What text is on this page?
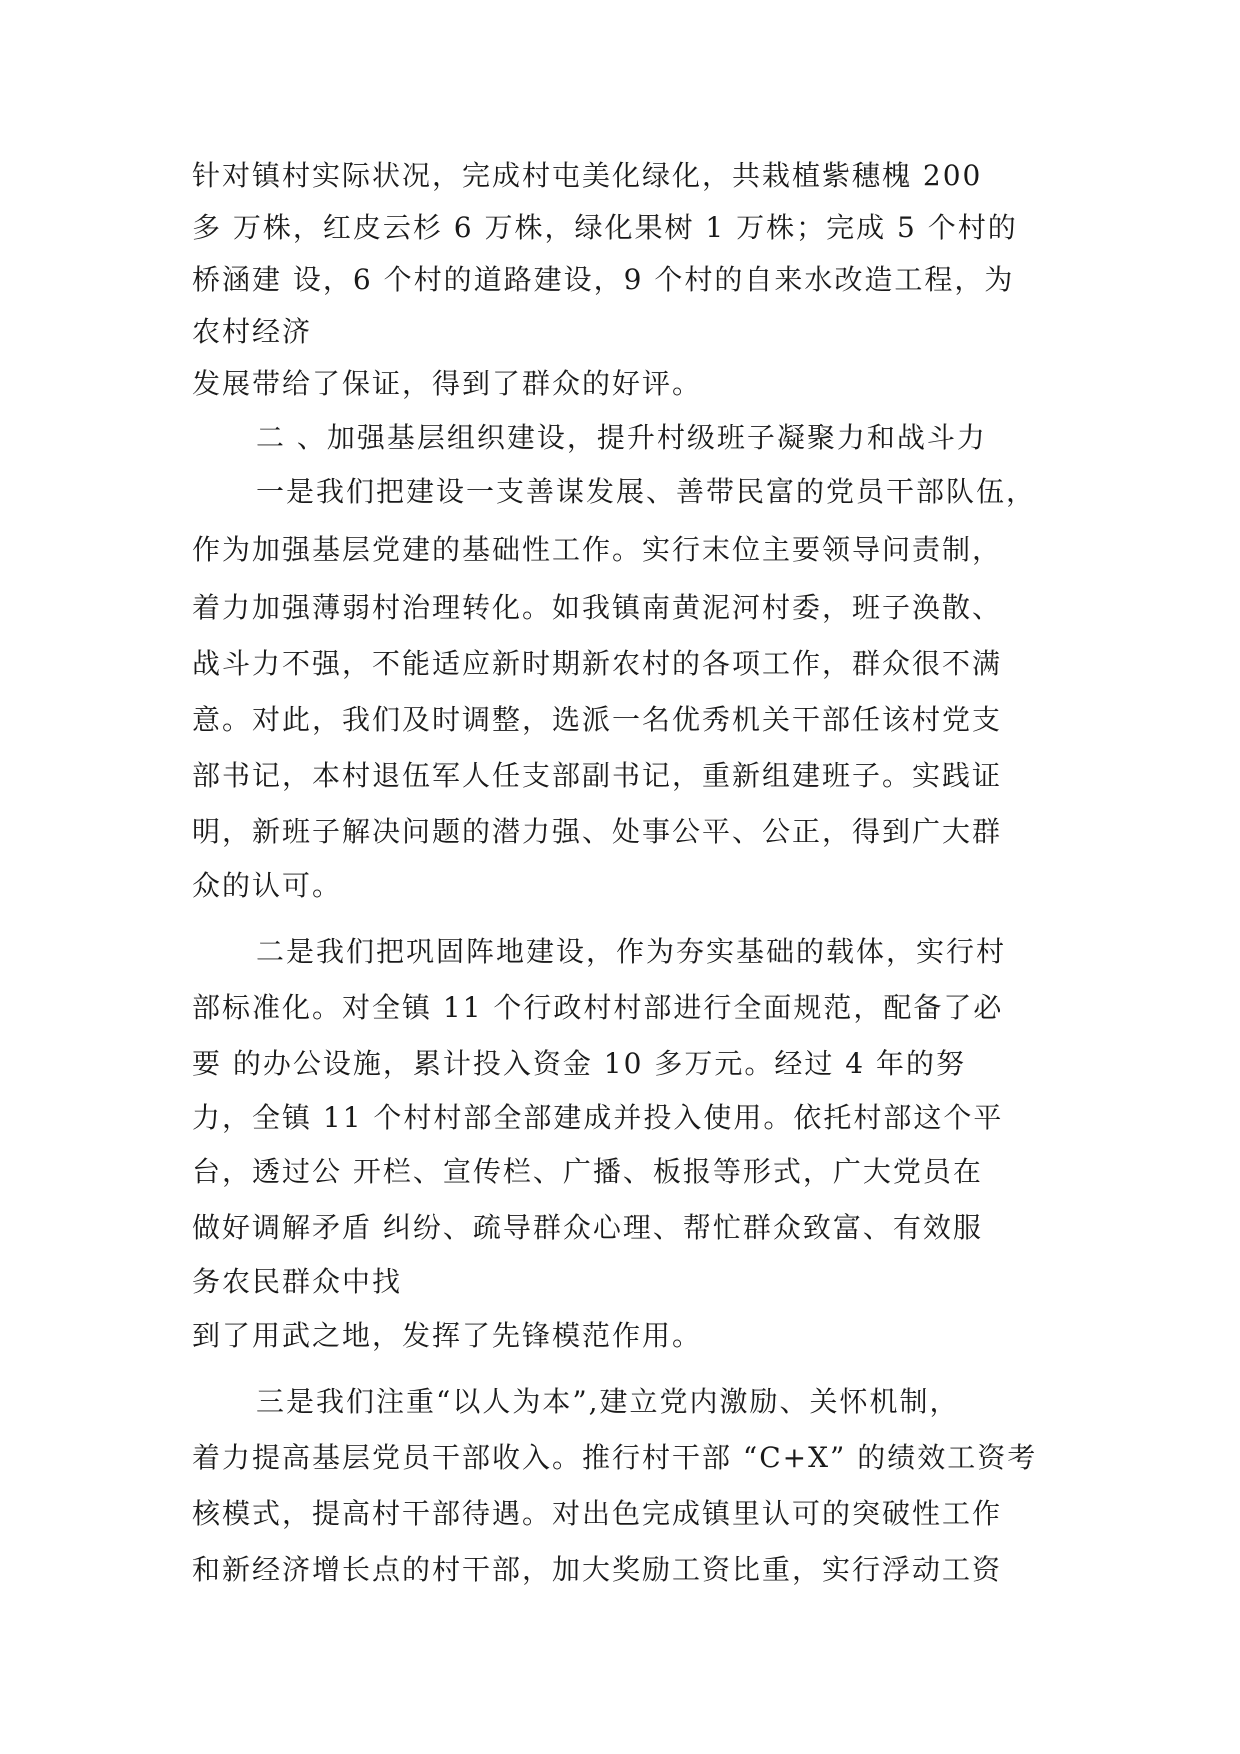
针对镇村实际状况，完成村屯美化绿化，共栽植紫穗槐 200
多 万株，红皮云杉 6 万株，绿化果树 1 万株；完成 5 个村的
桥涵建 设，6 个村的道路建设，9 个村的自来水改造工程，为
农村经济
发展带给了保证，得到了群众的好评。
二 、加强基层组织建设，提升村级班子凝聚力和战斗力
一是我们把建设一支善谋发展、善带民富的党员干部队伍，
作为加强基层党建的基础性工作。实行末位主要领导问责制，
着力加强薄弱村治理转化。如我镇南黄泥河村委，班子涣散、
战斗力不强，不能适应新时期新农村的各项工作，群众很不满
意。对此，我们及时调整，选派一名优秀机关干部任该村党支
部书记，本村退伍军人任支部副书记，重新组建班子。实践证
明，新班子解决问题的潜力强、处事公平、公正，得到广大群
众的认可。
二是我们把巩固阵地建设，作为夯实基础的载体，实行村
部标准化。对全镇 11 个行政村村部进行全面规范，配备了必
要 的办公设施，累计投入资金 10 多万元。经过 4 年的努
力，全镇 11 个村村部全部建成并投入使用。依托村部这个平
台，透过公 开栏、宣传栏、广播、板报等形式，广大党员在
做好调解矛盾 纠纷、疏导群众心理、帮忙群众致富、有效服
务农民群众中找
到了用武之地，发挥了先锋模范作用。
三是我们注重“以人为本”,建立党内激励、关怀机制，
着力提高基层党员干部收入。推行村干部 “C+X” 的绩效工资考
核模式，提高村干部待遇。对出色完成镇里认可的突破性工作
和新经济增长点的村干部，加大奖励工资比重，实行浮动工资
